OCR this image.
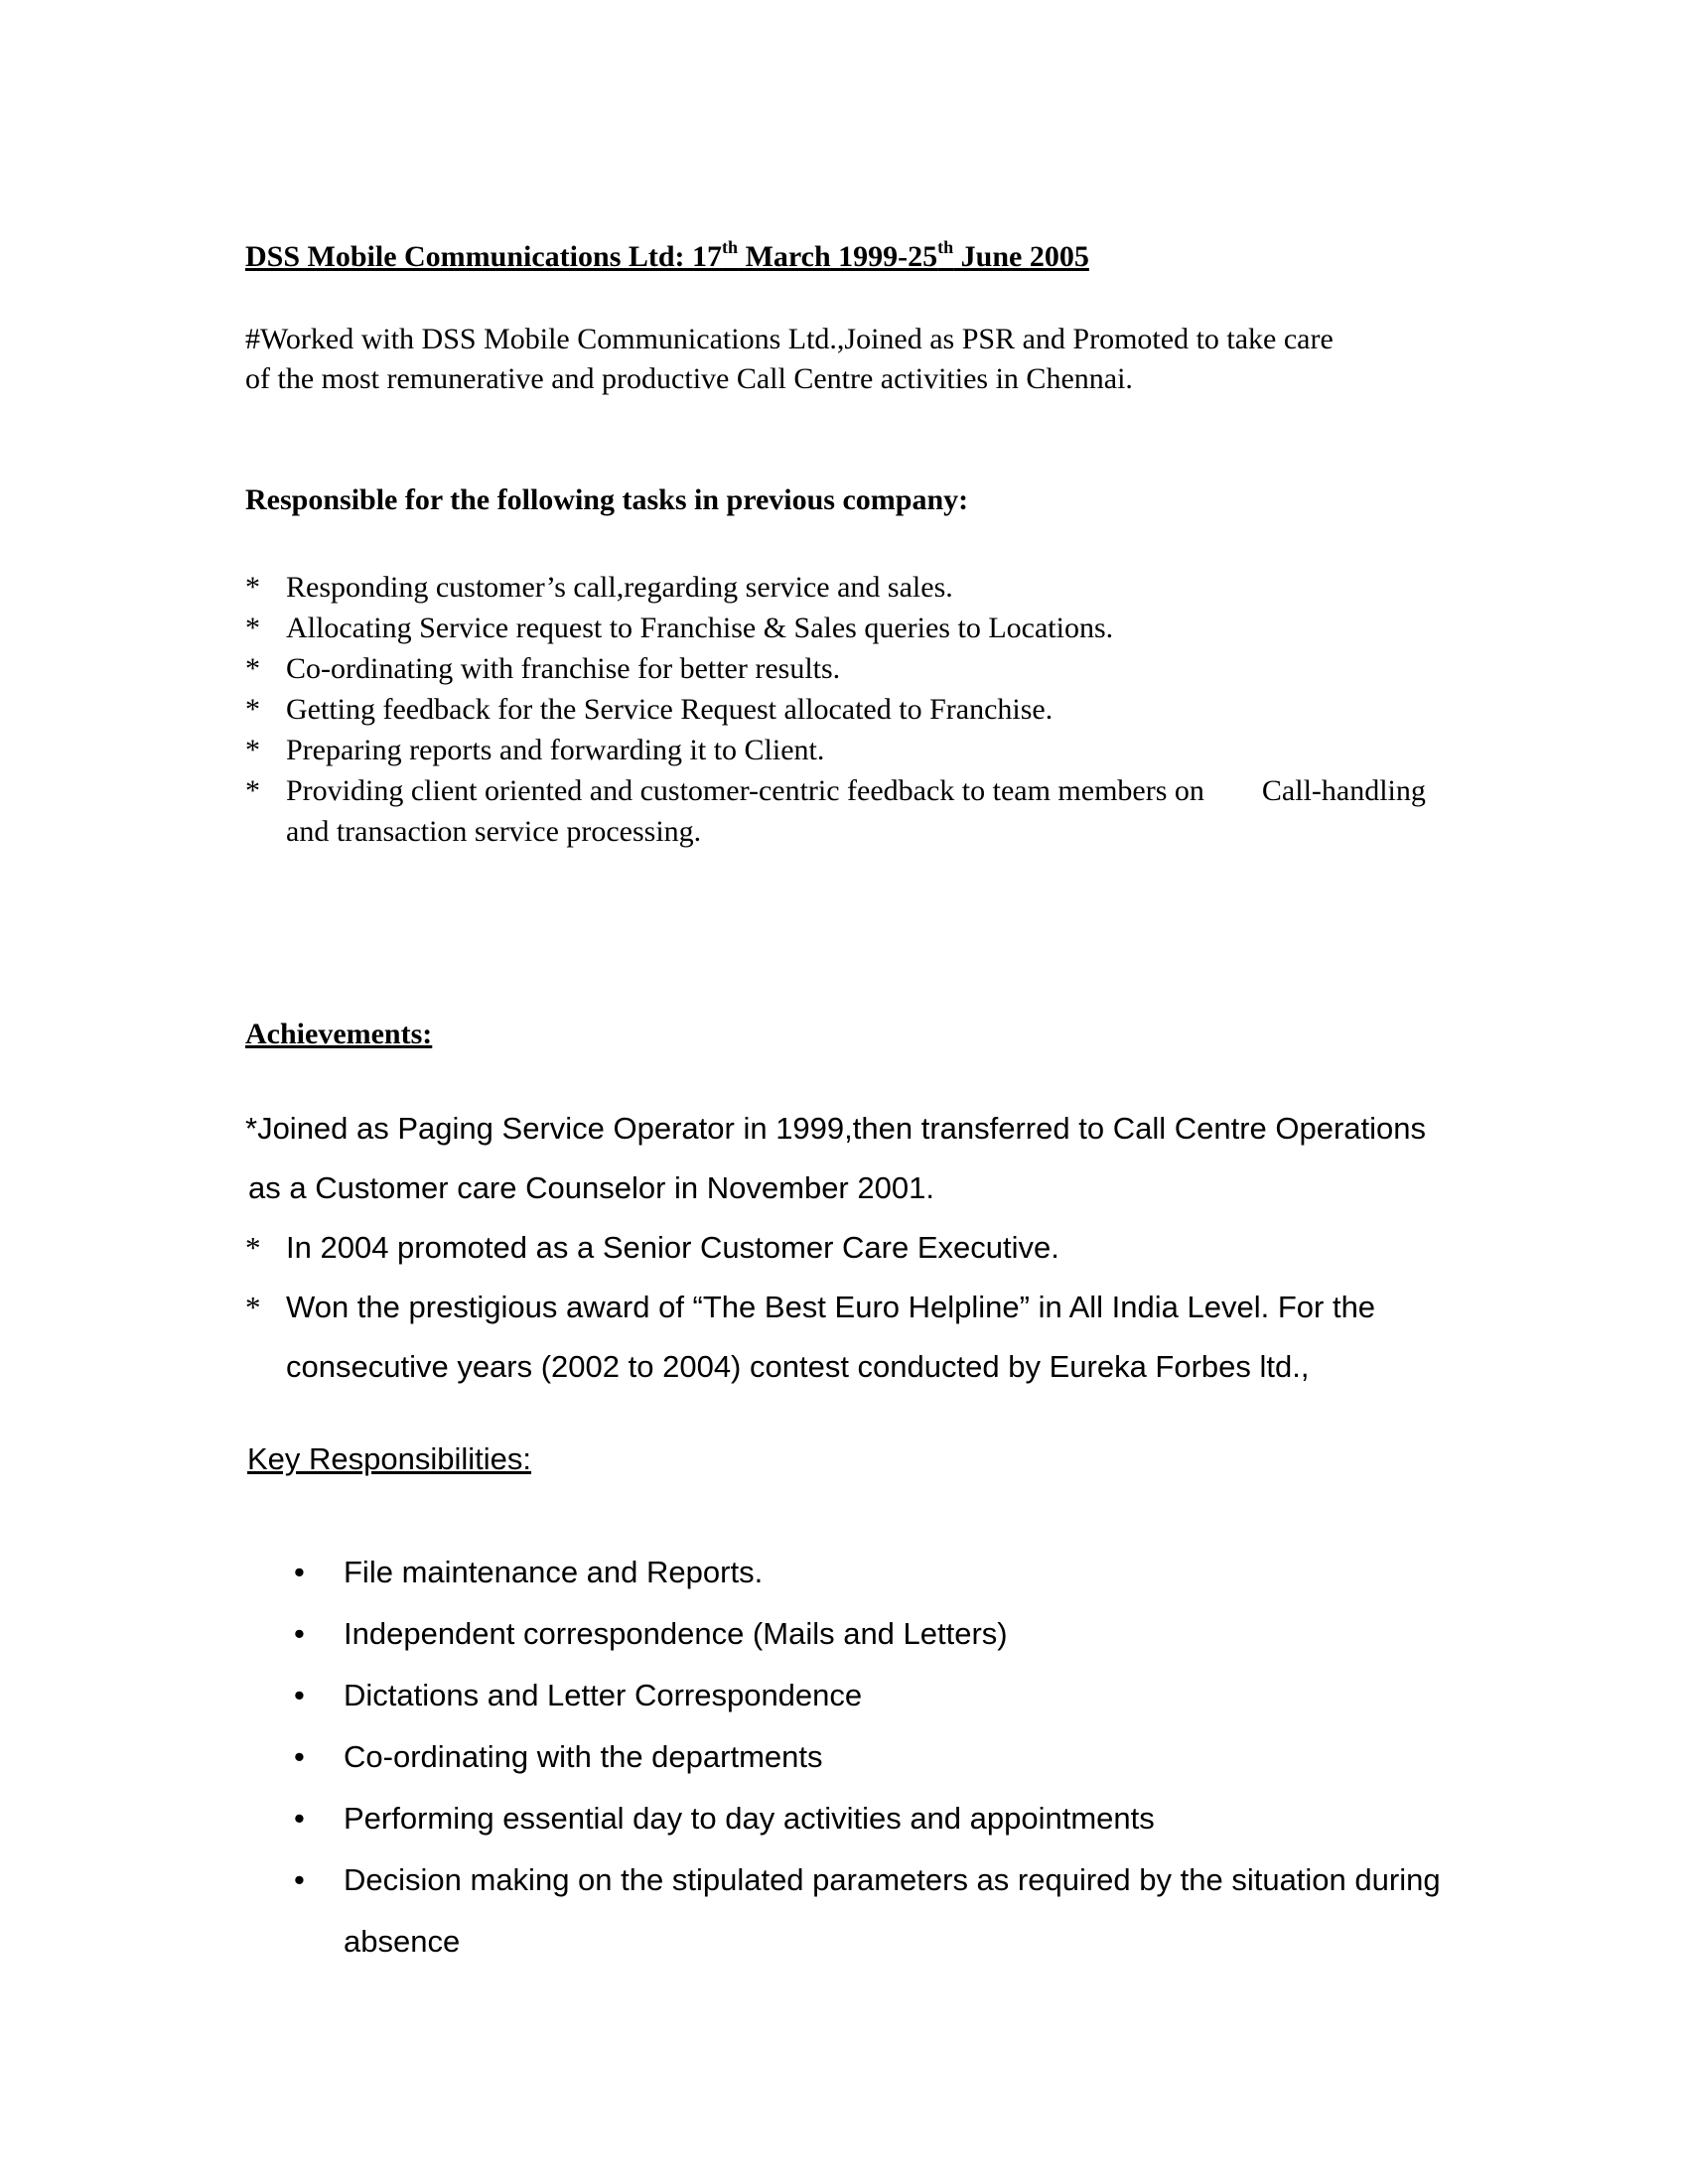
DSS Mobile Communications Ltd: 17th March 1999-25th June 2005

#Worked with DSS Mobile Communications Ltd.,Joined as PSR and Promoted to take care
of the most remunerative and productive Call Centre activities in Chennai.

Responsible for the following tasks in previous company:
* Responding customer’s call,regarding service and sales.
* Allocating Service request to Franchise & Sales queries to Locations.
* Co-ordinating with franchise for better results.
* Getting feedback for the Service Request allocated to Franchise.
* Preparing reports and forwarding it to Client.
* Providing client oriented and customer-centric feedback to team members on Call-handling
and transaction service processing.
Achievements:
*Joined as Paging Service Operator in 1999,then transferred to Call Centre Operations
as a Customer care Counselor in November 2001.
* In 2004 promoted as a Senior Customer Care Executive.
* Won the prestigious award of “The Best Euro Helpline” in All India Level. For the
consecutive years (2002 to 2004) contest conducted by Eureka Forbes ltd.,
Key Responsibilities:
• File maintenance and Reports.
• Independent correspondence (Mails and Letters)
• Dictations and Letter Correspondence
• Co-ordinating with the departments
• Performing essential day to day activities and appointments
• Decision making on the stipulated parameters as required by the situation during
absence
